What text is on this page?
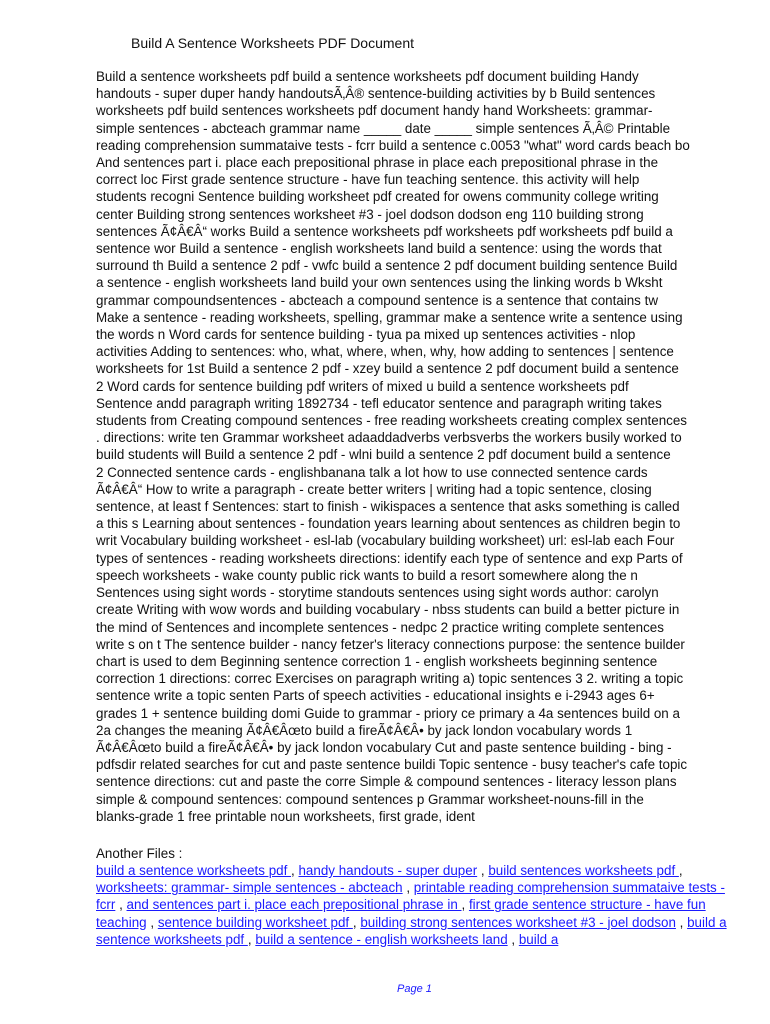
Build A Sentence Worksheets PDF Document
Build a sentence worksheets pdf build a sentence worksheets pdf document building Handy
handouts - super duper handy handoutsÃ‚Â® sentence-building activities by b Build sentences
worksheets pdf build sentences worksheets pdf document handy hand Worksheets: grammar-
simple sentences - abcteach grammar name _____ date _____ simple sentences Ã‚Â© Printable
reading comprehension summataive tests - fcrr build a sentence c.0053 "what" word cards beach bo
And sentences part i. place each prepositional phrase in place each prepositional phrase in the
correct loc First grade sentence structure - have fun teaching sentence. this activity will help
students recogni Sentence building worksheet pdf created for owens community college writing
center Building strong sentences worksheet #3 - joel dodson dodson eng 110 building strong
sentences Ã¢Â€Â“ works Build a sentence worksheets pdf worksheets pdf worksheets pdf build a
sentence wor Build a sentence - english worksheets land build a sentence: using the words that
surround th Build a sentence 2 pdf - vwfc build a sentence 2 pdf document building sentence Build
a sentence - english worksheets land build your own sentences using the linking words b Wksht
grammar compoundsentences - abcteach a compound sentence is a sentence that contains tw
Make a sentence - reading worksheets, spelling, grammar make a sentence write a sentence using
the words n Word cards for sentence building - tyua pa mixed up sentences activities - nlop
activities Adding to sentences: who, what, where, when, why, how adding to sentences | sentence
worksheets for 1st Build a sentence 2 pdf - xzey build a sentence 2 pdf document build a sentence
2 Word cards for sentence building pdf writers of mixed u build a sentence worksheets pdf
Sentence andd paragraph writing 1892734 - tefl educator sentence and paragraph writing takes
students from Creating compound sentences - free reading worksheets creating complex sentences
. directions: write ten Grammar worksheet adaaddadverbs verbsverbs the workers busily worked to
build students will Build a sentence 2 pdf - wlni build a sentence 2 pdf document build a sentence
2 Connected sentence cards - englishbanana talk a lot how to use connected sentence cards
Ã¢Â€Â“ How to write a paragraph - create better writers | writing had a topic sentence, closing
sentence, at least f Sentences: start to finish - wikispaces a sentence that asks something is called
a this s Learning about sentences - foundation years learning about sentences as children begin to
writ Vocabulary building worksheet - esl-lab (vocabulary building worksheet) url: esl-lab each Four
types of sentences - reading worksheets directions: identify each type of sentence and exp Parts of
speech worksheets - wake county public rick wants to build a resort somewhere along the n
Sentences using sight words - storytime standouts sentences using sight words author: carolyn
create Writing with wow words and building vocabulary - nbss students can build a better picture in
the mind of Sentences and incomplete sentences - nedpc 2 practice writing complete sentences
write s on t The sentence builder - nancy fetzer's literacy connections purpose: the sentence builder
chart is used to dem Beginning sentence correction 1 - english worksheets beginning sentence
correction 1 directions: correc Exercises on paragraph writing a) topic sentences 3 2. writing a topic
sentence write a topic senten Parts of speech activities - educational insights e i-2943 ages 6+
grades 1 + sentence building domi Guide to grammar - priory ce primary a 4a sentences build on a
2a changes the meaning Ã¢Â€Âœto build a fireÃ¢Â€Â• by jack london vocabulary words 1
Ã¢Â€Âœto build a fireÃ¢Â€Â• by jack london vocabulary Cut and paste sentence building - bing -
pdfsdir related searches for cut and paste sentence buildi Topic sentence - busy teacher's cafe topic
sentence directions: cut and paste the corre Simple & compound sentences - literacy lesson plans
simple & compound sentences: compound sentences p Grammar worksheet-nouns-fill in the
blanks-grade 1 free printable noun worksheets, first grade, ident
Another Files :
build a sentence worksheets pdf , handy handouts - super duper , build sentences worksheets pdf , worksheets: grammar- simple sentences - abcteach , printable reading comprehension summataive tests - fcrr , and sentences part i. place each prepositional phrase in , first grade sentence structure - have fun teaching , sentence building worksheet pdf , building strong sentences worksheet #3 - joel dodson , build a sentence worksheets pdf , build a sentence - english worksheets land , build a
Page 1
